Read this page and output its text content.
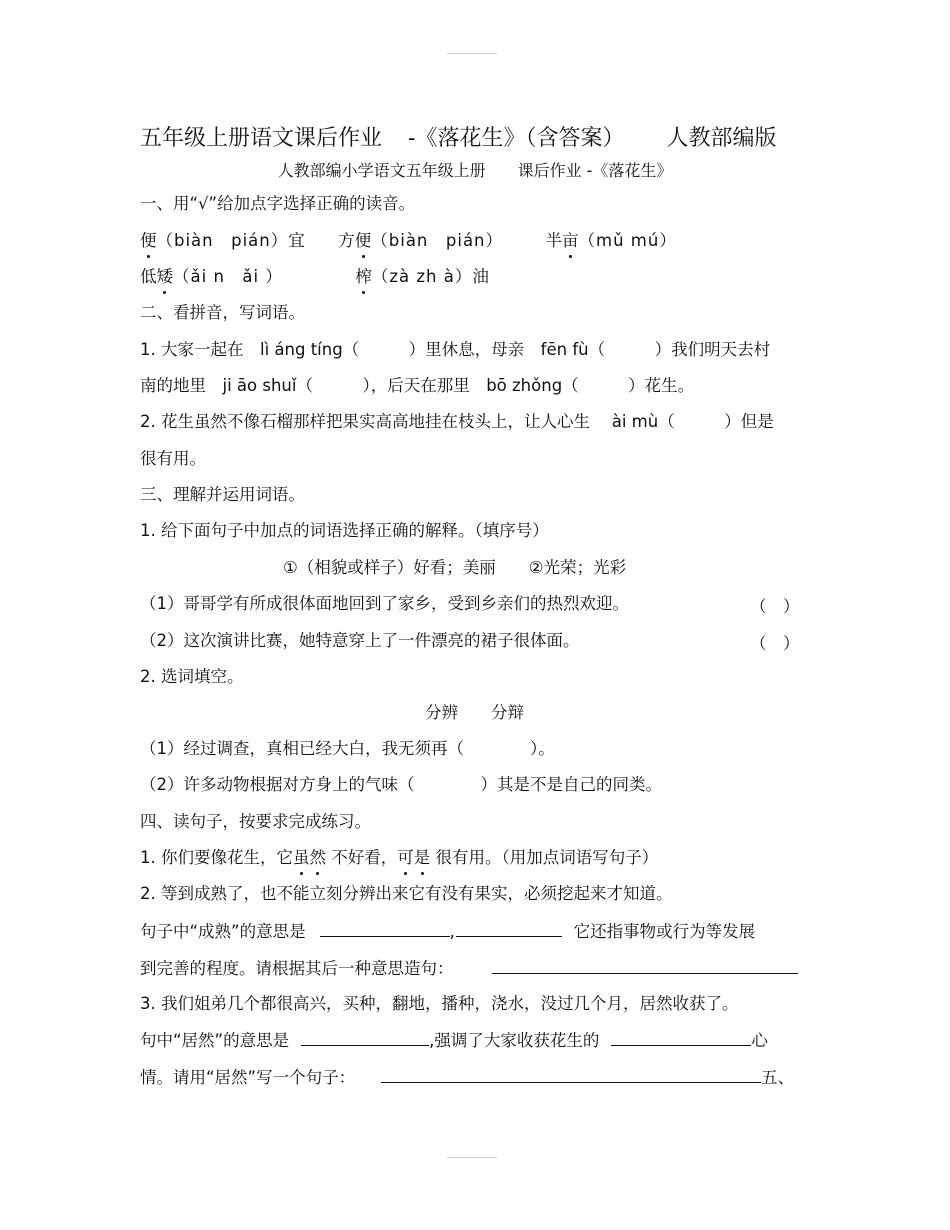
五年级上册语文课后作业 -《落花生》（含答案） 人教部编版
人教部编小学语文五年级上册　　课后作业 -《落花生》
一、用“√”给加点字选择正确的读音。
便（biàn　pián）宜 方便（biàn　pián）	半亩（mǔ mú）
低矮（ǎi n　ǎi ）	榨（zà zh à）油
二、看拼音，写词语。
1. 大家一起在　lì áng tíng（　　　）里休息，母亲　fēn fù（　　　）我们明天去村
南的地里　ji āo shuǐ（　　　），后天在那里　bō zhǒng（　　　）花生。
2. 花生虽然不像石榴那样把果实高高地挂在枝头上，让人心生　 ài mù（　　　）但是
很有用。
三、理解并运用词语。
1. 给下面句子中加点的词语选择正确的解释。（填序号）
①（相貌或样子）好看；美丽　　②光荣；光彩
（1）哥哥学有所成很体面地回到了家乡，受到乡亲们的热烈欢迎。	（　）
（2）这次演讲比赛，她特意穿上了一件漂亮的裙子很体面。	（　）
2. 选词填空。
分辨　　分辩
（1）经过调查，真相已经大白，我无须再（　　　　）。
（2）许多动物根据对方身上的气味（　　　　）其是不是自己的同类。
四、读句子，按要求完成练习。
1. 你们要像花生，它虽然 不好看，可是 很有用。（用加点词语写句子）
2. 等到成熟了，也不能立刻分辨出来它有没有果实，必须挖起来才知道。
句子中“成熟”的意思是	,	它还指事物或行为等发展
到完善的程度。请根据其后一种意思造句：
3. 我们姐弟几个都很高兴，买种，翻地，播种，浇水，没过几个月，居然收获了。
句中“居然”的意思是	,强调了大家收获花生的	心
情。请用“居然”写一个句子：	五、
